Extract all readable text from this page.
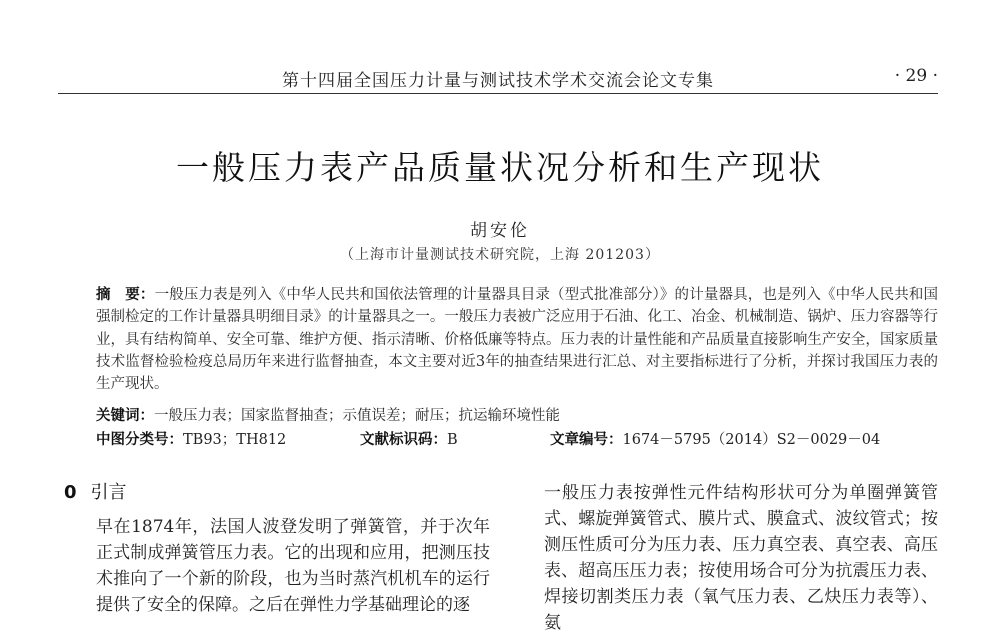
第十四届全国压力计量与测试技术学术交流会论文专集	· 29 ·
一般压力表产品质量状况分析和生产现状
胡安伦
（上海市计量测试技术研究院，上海 201203）
摘　要：一般压力表是列入《中华人民共和国依法管理的计量器具目录（型式批准部分）》的计量器具，也是列入《中华人民共和国强制检定的工作计量器具明细目录》的计量器具之一。一般压力表被广泛应用于石油、化工、冶金、机械制造、锅炉、压力容器等行业，具有结构简单、安全可靠、维护方便、指示清晰、价格低廉等特点。压力表的计量性能和产品质量直接影响生产安全，国家质量技术监督检验检疫总局历年来进行监督抽查，本文主要对近3年的抽查结果进行汇总、对主要指标进行了分析，并探讨我国压力表的生产现状。
关键词：一般压力表；国家监督抽查；示值误差；耐压；抗运输环境性能
中图分类号：TB93；TH812	文献标识码：B	文章编号：1674－5795（2014）S2－0029－04
0 引言
早在1874年，法国人波登发明了弹簧管，并于次年正式制成弹簧管压力表。它的出现和应用，把测压技术推向了一个新的阶段，也为当时蒸汽机机车的运行提供了安全的保障。之后在弹性力学基础理论的逐
一般压力表按弹性元件结构形状可分为单圈弹簧管式、螺旋弹簧管式、膜片式、膜盒式、波纹管式；按测压性质可分为压力表、压力真空表、真空表、高压表、超高压压力表；按使用场合可分为抗震压力表、焊接切割类压力表（氧气压力表、乙炔压力表等）、氨
